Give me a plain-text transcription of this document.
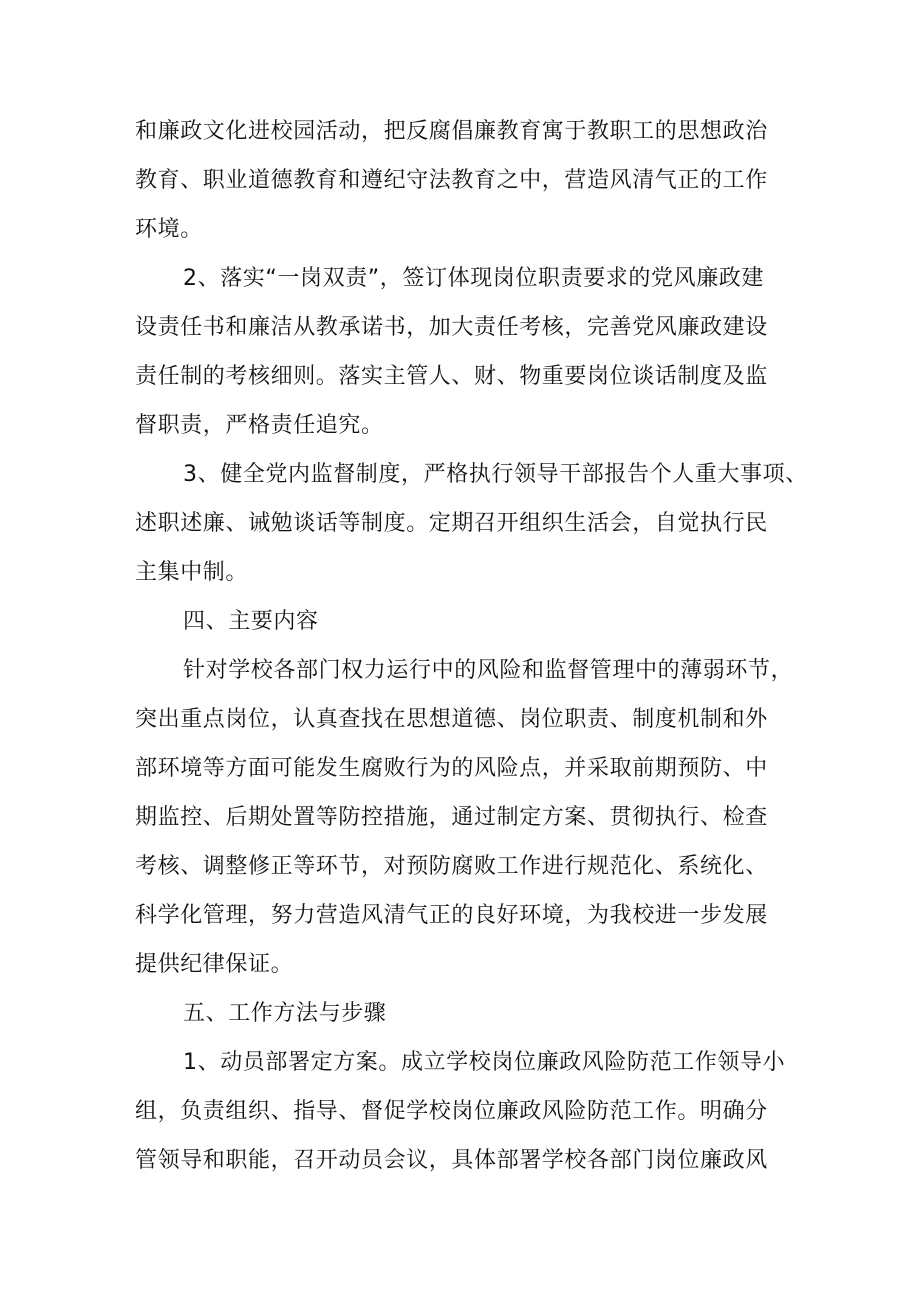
和廉政文化进校园活动，把反腐倡廉教育寓于教职工的思想政治
教育、职业道德教育和遵纪守法教育之中，营造风清气正的工作
环境。
2、落实“一岗双责”，签订体现岗位职责要求的党风廉政建
设责任书和廉洁从教承诺书，加大责任考核，完善党风廉政建设
责任制的考核细则。落实主管人、财、物重要岗位谈话制度及监
督职责，严格责任追究。
3、健全党内监督制度，严格执行领导干部报告个人重大事项、
述职述廉、诫勉谈话等制度。定期召开组织生活会，自觉执行民
主集中制。
四、主要内容
针对学校各部门权力运行中的风险和监督管理中的薄弱环节，
突出重点岗位，认真查找在思想道德、岗位职责、制度机制和外
部环境等方面可能发生腐败行为的风险点，并采取前期预防、中
期监控、后期处置等防控措施，通过制定方案、贯彻执行、检查
考核、调整修正等环节，对预防腐败工作进行规范化、系统化、
科学化管理，努力营造风清气正的良好环境，为我校进一步发展
提供纪律保证。
五、工作方法与步骤
1、动员部署定方案。成立学校岗位廉政风险防范工作领导小
组，负责组织、指导、督促学校岗位廉政风险防范工作。明确分
管领导和职能，召开动员会议，具体部署学校各部门岗位廉政风
